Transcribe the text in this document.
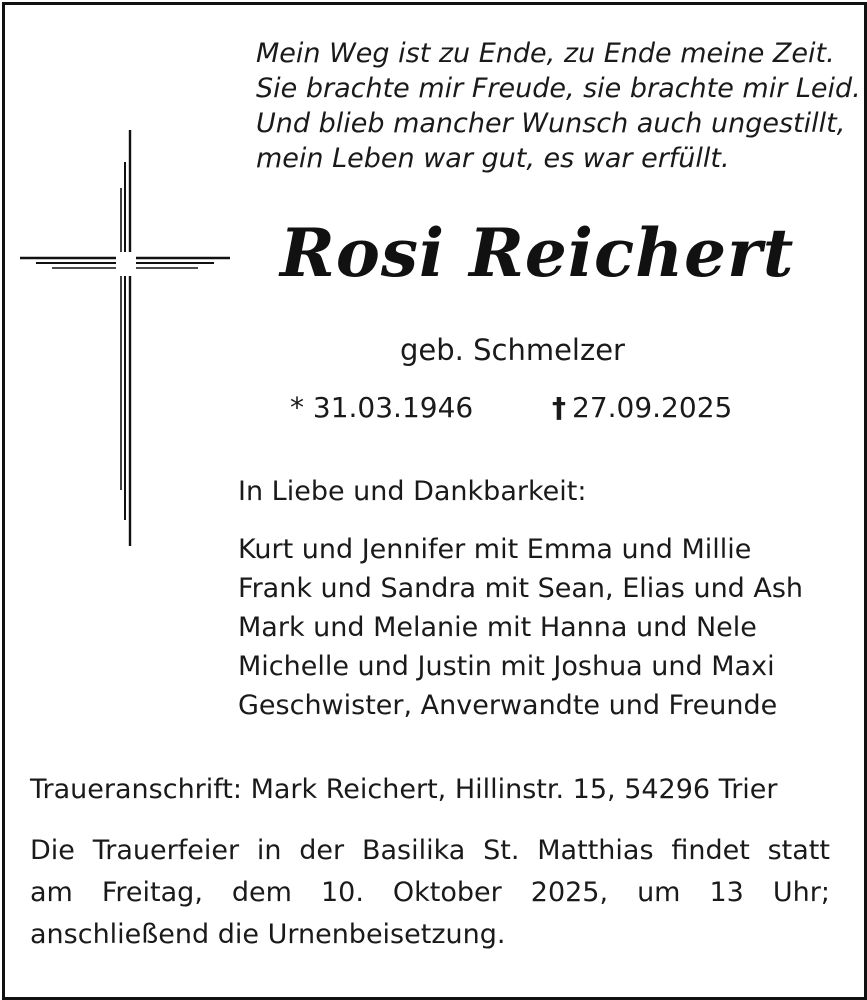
Mein Weg ist zu Ende, zu Ende meine Zeit.
Sie brachte mir Freude, sie brachte mir Leid.
Und blieb mancher Wunsch auch ungestillt,
mein Leben war gut, es war erfüllt.
Rosi Reichert
geb. Schmelzer
* 31.03.1946	† 27.09.2025
In Liebe und Dankbarkeit:
Kurt und Jennifer mit Emma und Millie
Frank und Sandra mit Sean, Elias und Ash
Mark und Melanie mit Hanna und Nele
Michelle und Justin mit Joshua und Maxi
Geschwister, Anverwandte und Freunde
Traueranschrift: Mark Reichert, Hillinstr. 15, 54296 Trier
Die Trauerfeier in der Basilika St. Matthias findet statt
am Freitag, dem 10. Oktober 2025, um 13 Uhr;
anschließend die Urnenbeisetzung.
